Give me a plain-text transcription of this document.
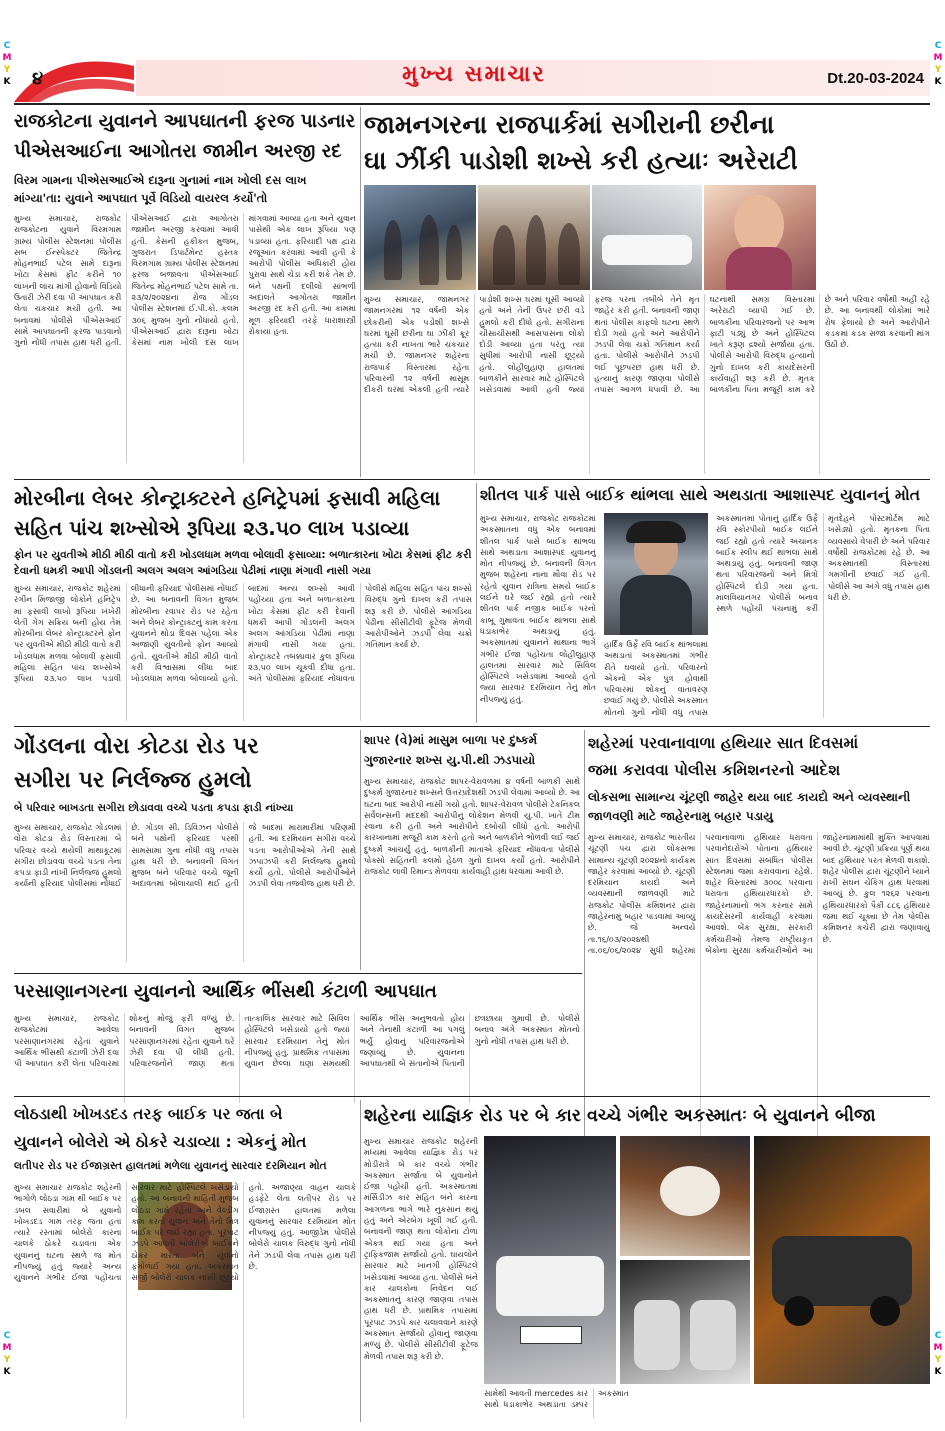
C
M
Y
K
C
M
Y
K
C
M
Y
K
C
M
Y
K
૪	મુખ્ય સમાચાર	Dt.20-03-2024
રાજકોટના યુવાનને આપઘાતની ફરજ પાડનાર
પીએસઆઈના આગોતરા જામીન અરજી રદ
વિરમ ગામના પીએસઆઈએ દારૂના ગુનામાં નામ ખોલી દસ લાખ માંગ્યા'તા: યુવાને આપઘાત પૂર્વે વિડિયો વાયરલ કર્યો'તો
મુખ્ય સમાચાર, રાજકોટ રાજકોટના યુવાને વિરમગામ ગ્રામ્ય પોલીસ સ્ટેશનમાં પોલીસ સબ ઈન્સ્પેક્ટર જિતેન્દ્ર મોહનભાઈ પટેલ સામે દારૂના ખોટા કેસમાં ફીટ કરીને ૧૦ લાખની લાંચ માંગી હોવાનો વિડિયો ઉતારી ઝેરી દવા પી આપઘાત કરી લેતા ચકચાર મચી હતી. આ બનાવમાં પોલીસે પીએસઆઈ સામે આપઘાતની ફરજ પાડવાનો ગુનો નોંધી તપાસ હાથ ધરી હતી. પીએસઆઈ દ્વારા આગોતરા જામીન અરજી કરવામાં આવી હતી. કેસની હકીકત મુજબ, ગુજરાત ડિપાર્ટમેન્ટ હસ્તક વિરમગામ ગ્રામ્ય પોલીસ સ્ટેશનમાં ફરજ બજાવતા પીએસઆઈ જિતેન્દ્ર મોહનભાઈ પટેલ સામે તા. ૨૩/૨/૨૦૨૪ના રોજ ગોંડલ પોલીસ સ્ટેશનમાં ઈ.પી.કો. કલમ ૩૦૬ મુજબ ગુનો નોંધાયો હતો. પીએસઆઈ દ્વારા દારૂના ખોટા કેસમાં નામ ખોલી દસ લાખ માંગવામાં આવ્યા હતા અને યુવાન પાસેથી એક લાખ રૂપિયા પણ પડાવ્યા હતા. ફરિયાદી પક્ષ દ્વારા રજૂઆત કરવામાં આવી હતી કે આરોપી પોલીસ અધિકારી હોય પુરાવા સાથે ચેડા કરી શકે તેમ છે. બંને પક્ષની દલીલો સાંભળી અદાલતે આગોતરા જામીન અરજી રદ કરી હતી. આ કામમાં મૂળ ફરિયાદી તરફે ધારાશાસ્ત્રી રોકાયા હતા.
જામનગરના રાજપાર્કમાં સગીરાની છરીના
ઘા ઝીંકી પાડોશી શખ્સે કરી હત્યાઃ અરેરાટી
મુખ્ય સમાચાર, જામનગર જામનગરમાં ૧૨ વર્ષની એક છોકરીની એક પડોશી શખ્સે ઘરમાં ઘૂસી છરીના ઘા ઝીંકી ક્રૂર હત્યા કરી નાખતા ભારે ચકચાર મચી છે. જામનગર શહેરના રાજપાર્ક વિસ્તારમાં રહેતા પરિવારની ૧૨ વર્ષની માસૂમ દીકરી ઘરમાં એકલી હતી ત્યારે પાડોશી શખ્સ ઘરમાં ઘૂસી આવ્યો હતો અને તેની ઉપર છરી વડે હુમલો કરી દીધો હતો. સગીરાના ચીસાચીસથી આસપાસના લોકો દોડી આવ્યા હતા પરંતુ ત્યાં સુધીમાં આરોપી નાસી છૂટ્યો હતો. લોહીલુહાણ હાલતમાં બાળકીને સારવાર માટે હોસ્પિટલે ખસેડવામાં આવી હતી જ્યાં ફરજ પરના તબીબે તેને મૃત જાહેર કરી હતી. બનાવની જાણ થતાં પોલીસ કાફલો ઘટના સ્થળે દોડી ગયો હતો અને આરોપીને ઝડપી લેવા ચક્રો ગતિમાન કર્યા હતા. પોલીસે આરોપીને ઝડપી લઈ પૂછપરછ હાથ ધરી છે. હત્યાનું કારણ જાણવા પોલીસે તપાસ આગળ ધપાવી છે. આ ઘટનાથી સમગ્ર વિસ્તારમાં અરેરાટી વ્યાપી ગઈ છે. બાળકીના પરિવારજનો પર આભ ફાટી પડ્યું છે અને હોસ્પિટલ ખાતે કરૂણ દ્રશ્યો સર્જાયા હતા. પોલીસે આરોપી વિરુદ્ધ હત્યાનો ગુનો દાખલ કરી કાયદેસરની કાર્યવાહી શરૂ કરી છે. મૃતક બાળકીના પિતા મજૂરી કામ કરે છે અને પરિવાર વર્ષોથી અહીં રહે છે. આ બનાવથી લોકોમાં ભારે રોષ ફેલાયો છે અને આરોપીને કડકમાં કડક સજા કરવાની માંગ ઉઠી છે.
મોરબીના લેબર કોન્ટ્રાક્ટરને હનિટ્રેપમાં ફસાવી મહિલા
સહિત પાંચ શખ્સોએ રૂપિયા ૨૩.૫૦ લાખ પડાવ્યા
ફોન પર યુવતીએ મીઠી મીઠી વાતો કરી ખોડલધામ મળવા બોલાવી ફસાવ્યા: બળાત્કારના ખોટા કેસમાં ફીટ કરી દેવાની ધમકી આપી ગોંડલની અલગ અલગ આંગડિયા પેઢીમાં નાણા મંગાવી નાસી ગયા
મુખ્ય સમાચાર, રાજકોટ શહેરમાં રંગીન મિજાજી લોકોને હનિટ્રેપ માં ફસાવી લાખો રૂપિયા ખંખેરી લેતી ગેંગ સક્રિય બની હોય તેમ મોરબીના લેબર કોન્ટ્રાક્ટરને ફોન પર યુવતીએ મીઠી મીઠી વાતો કરી ખોડલધામ મળવા બોલાવી ફસાવી મહિલા સહિત પાંચ શખ્સોએ રૂપિયા ૨૩.૫૦ લાખ પડાવી લીધાની ફરિયાદ પોલીસમાં નોંધાઈ છે. આ બનાવની વિગત મુજબ મોરબીના રવાપર રોડ પર રહેતા અને લેબર કોન્ટ્રાક્ટનું કામ કરતા યુવાનને થોડા દિવસ પહેલા એક અજાણી યુવતીનો ફોન આવ્યો હતો. યુવતીએ મીઠી મીઠી વાતો કરી વિશ્વાસમાં લીધા બાદ ખોડલધામ મળવા બોલાવ્યો હતો. બાદમાં અન્ય શખ્સો આવી પહોંચ્યા હતા અને બળાત્કારના ખોટા કેસમાં ફીટ કરી દેવાની ધમકી આપી ગોંડલની અલગ અલગ આંગડિયા પેઢીમાં નાણા મંગાવી નાસી ગયા હતા. કોન્ટ્રાક્ટરે તબક્કાવાર કુલ રૂપિયા ૨૩.૫૦ લાખ ચૂકવી દીધા હતા. અંતે પોલીસમાં ફરિયાદ નોંધાવતા પોલીસે મહિલા સહિત પાંચ શખ્સો વિરુદ્ધ ગુનો દાખલ કરી તપાસ શરૂ કરી છે. પોલીસે આંગડિયા પેઢીના સીસીટીવી ફૂટેજ મેળવી આરોપીઓને ઝડપી લેવા ચક્રો ગતિમાન કર્યા છે.
શીતલ પાર્ક પાસે બાઈક થાંભલા સાથે અથડાતા આશાસ્પદ યુવાનનું મોત
મુખ્ય સમાચાર, રાજકોટ રાજકોટમાં અકસ્માતના વધુ એક બનાવમાં શીતલ પાર્ક પાસે બાઈક થાંભલા સાથે અથડાતા આશાસ્પદ યુવાનનું મોત નીપજ્યું છે. બનાવની વિગત મુજબ શહેરના નાના મૌવા રોડ પર રહેતો યુવાન રાત્રિના સમયે બાઈક લઈને ઘરે જઈ રહ્યો હતો ત્યારે શીતલ પાર્ક નજીક બાઈક પરનો કાબૂ ગુમાવતા બાઈક થાંભલા સાથે ધડાકાભેર અથડાયું હતું. અકસ્માતમાં યુવાનને માથાના ભાગે ગંભીર ઈજા પહોંચતા લોહીલુહાણ હાલતમાં સારવાર માટે સિવિલ હોસ્પિટલે ખસેડવામાં આવ્યો હતો જ્યાં સારવાર દરમિયાન તેનું મોત નીપજ્યું હતું.
હાર્દિક ઉર્ફે રવિ બાઈક થાંભલામાં અથડાતાં અકસ્માતમાં ગંભીર રીતે ઘવાયો હતો. પરિવારનો એકનો એક પુત્ર હોવાથી પરિવારમાં શોકનું વાતાવરણ છવાઈ ગયું છે. પોલીસે અકસ્માત મોતનો ગુનો નોંધી વધુ તપાસ
અકસ્માતમાં પોતાનું હાર્દિક ઉર્ફે રવિ સ્કોરપીયો બાઈક લઈને જઈ રહ્યો હતો ત્યારે અચાનક બાઈક સ્લીપ થઈ થાંભલા સાથે અથડાયું હતું. બનાવની જાણ થતા પરિવારજનો અને મિત્રો હોસ્પિટલે દોડી ગયા હતા. માલવિયાનગર પોલીસે બનાવ સ્થળે પહોંચી પંચનામું કરી મૃતદેહને પોસ્ટમોર્ટમ માટે ખસેડ્યો હતો. મૃતકના પિતા વ્યવસાયે વેપારી છે અને પરિવાર વર્ષોથી રાજકોટમાં રહે છે. આ અકસ્માતથી વિસ્તારમાં ગમગીની છવાઈ ગઈ હતી. પોલીસે આ અંગે વધુ તપાસ હાથ ધરી છે.
ગોંડલના વોરા કોટડા રોડ પર
સગીરા પર નિર્લજ્જ હુમલો
બે પરિવાર બાખડતા સગીરા છોડાવવા વચ્ચે પડતા કપડા ફાડી નાંખ્યા
મુખ્ય સમાચાર, રાજકોટ ગોંડલમાં વોરા કોટડા રોડ વિસ્તારમાં બે પરિવાર વચ્ચે થયેલી માથાકૂટમાં સગીરા છોડાવવા વચ્ચે પડતા તેના કપડા ફાડી નાંખી નિર્લજ્જ હુમલો કર્યાની ફરિયાદ પોલીસમાં નોંધાઈ છે. ગોંડલ સી. ડિવિઝન પોલીસે બંને પક્ષોની ફરિયાદ પરથી સામસામા ગુના નોંધી વધુ તપાસ હાથ ધરી છે. બનાવની વિગત મુજબ બંને પરિવાર વચ્ચે જૂની અદાવતમાં બોલાચાલી થઈ હતી જે બાદમાં મારામારીમાં પરિણમી હતી. આ દરમિયાન સગીરા વચ્ચે પડતા આરોપીઓએ તેની સાથે ઝપાઝપી કરી નિર્લજ્જ હુમલો કર્યો હતો. પોલીસે આરોપીઓને ઝડપી લેવા તજવીજ હાથ ધરી છે.
શાપર (વે)માં માસુમ બાળા પર દુષ્કર્મ
ગુજારનાર શખ્સ યુ.પી.થી ઝડપાયો
મુખ્ય સમાચાર, રાજકોટ શાપર-વેરાવળમાં ૪ વર્ષની બાળકી સાથે દુષ્કર્મ ગુજારનાર શખ્સને ઉત્તરપ્રદેશથી ઝડપી લેવામાં આવ્યો છે. આ ઘટના બાદ આરોપી નાસી ગયો હતો. શાપર-વેરાવળ પોલીસે ટેકનિકલ સર્વેલન્સની મદદથી આરોપીનું લોકેશન મેળવી યુ.પી. ખાતે ટીમ રવાના કરી હતી અને આરોપીને દબોચી લીધો હતો. આરોપી કારખાનામાં મજૂરી કામ કરતો હતો અને બાળકીને ભોળવી લઈ જઈ દુષ્કર્મ આચર્યું હતું. બાળકીની માતાએ ફરિયાદ નોંધાવતા પોલીસે પોક્સો સહિતની કલમો હેઠળ ગુનો દાખલ કર્યો હતો. આરોપીને રાજકોટ લાવી રિમાન્ડ મેળવવા કાર્યવાહી હાથ ધરવામાં આવી છે.
શહેરમાં પરવાનાવાળા હથિયાર સાત દિવસમાં
જમા કરાવવા પોલીસ કમિશનરનો આદેશ
લોકસભા સામાન્ય ચૂંટણી જાહેર થયા બાદ કાયદો અને વ્યવસ્થાની જાળવણી માટે જાહેરનામુ બહાર પડાયુ
મુખ્ય સમાચાર, રાજકોટ ભારતીય ચૂંટણી પંચ દ્વારા લોકસભા સામાન્ય ચૂંટણી ૨૦૨૪નો કાર્યક્રમ જાહેર કરવામાં આવ્યો છે. ચૂંટણી દરમિયાન કાયદો અને વ્યવસ્થાની જાળવણી માટે રાજકોટ પોલીસ કમિશનર દ્વારા જાહેરનામું બહાર પાડવામાં આવ્યું છે. જે અન્વયે તા.૧૬/૦૩/૨૦૨૪થી તા.૦૬/૦૬/૨૦૨૪ સુધી શહેરમાં પરવાનાવાળા હથિયાર ધરાવતા પરવાનેદારોએ પોતાના હથિયાર સાત દિવસમાં સંબંધિત પોલીસ સ્ટેશનમાં જમા કરાવવાના રહેશે. શહેર વિસ્તારમાં ૩૦૦૮ પરવાના ધરાવતા હથિયારધારકો છે. જાહેરનામાનો ભંગ કરનાર સામે કાયદેસરની કાર્યવાહી કરવામાં આવશે. બેંક સુરક્ષા, સરકારી કર્મચારીઓ તેમજ રાષ્ટ્રીયકૃત બેંકોના સુરક્ષા કર્મચારીઓને આ જાહેરનામામાંથી મુક્તિ આપવામાં આવી છે. ચૂંટણી પ્રક્રિયા પૂર્ણ થયા બાદ હથિયાર પરત મેળવી શકાશે. શહેર પોલીસ દ્વારા ચૂંટણીને ધ્યાને રાખી સઘન ચેકિંગ હાથ ધરવામાં આવ્યું છે. કુલ ૧૨૬૨ પરવાના હથિયારધારકો પૈકી ૮૮૬ હથિયાર જમા થઈ ચૂક્યા છે તેમ પોલીસ કમિશનર કચેરી દ્વારા જણાવાયું છે.
પરસાણાનગરના યુવાનનો આર્થિક ભીંસથી કંટાળી આપઘાત
મુખ્ય સમાચાર, રાજકોટ રાજકોટમાં આવેલા પરસાણાનગરમાં રહેતા યુવાને આર્થિક ભીંસથી કંટાળી ઝેરી દવા પી આપઘાત કરી લેતા પરિવારમાં શોકનું મોજું ફરી વળ્યું છે. બનાવની વિગત મુજબ પરસાણાનગરમાં રહેતા યુવાને ઘરે ઝેરી દવા પી લીધી હતી. પરિવારજનોને જાણ થતા તાત્કાલિક સારવાર માટે સિવિલ હોસ્પિટલે ખસેડાયો હતો જ્યાં સારવાર દરમિયાન તેનું મોત નીપજ્યું હતું. પ્રાથમિક તપાસમાં યુવાન છેલ્લા ઘણા સમયથી આર્થિક ભીંસ અનુભવતો હોય અને તેનાથી કંટાળી આ પગલું ભર્યું હોવાનું પરિવારજનોએ જણાવ્યું છે. યુવાનના આપઘાતથી બે સંતાનોએ પિતાની છત્રછાયા ગુમાવી છે. પોલીસે બનાવ અંગે અકસ્માત મોતનો ગુનો નોંધી તપાસ હાથ ધરી છે.
લોઠડાથી ખોખડદડ તરફ બાઈક પર જતા બે
યુવાનને બોલેરો એ ઠોકરે ચડાવ્યા : એકનું મોત
લતીપર રોડ પર ઈજાગ્રસ્ત હાલતમાં મળેલા યુવાનનું સારવાર દરમિયાન મોત
મુખ્ય સમાચાર રાજકોટ શહેરની ભાગોળે લોઠડા ગામ થી બાઈક પર ડબલ સવારીમાં બે યુવાનો ખોખડદડ ગામ તરફ જતા હતા ત્યારે રસ્તામાં બોલેરો કારના ચાલકે ઠોકરે ચડાવતા એક યુવાનનું ઘટના સ્થળે જ મોત નીપજ્યું હતું જ્યારે અન્ય યુવાનને ગંભીર ઈજા પહોંચતા સારવાર માટે હોસ્પિટલે ખસેડાયો હતો. આ બનાવની માહિતી મુજબ લોઠડા ગામે રહેતા અને વેલ્ડીંગ કામ કરતો યુવાન અને તેનો મિત્ર બાઈક પર જઈ રહ્યા હતા. પૂરપાટ ઝડપે આવતી બોલેરોએ બાઈકને ઠોકર મારતા બંને યુવાનો ફંગોળાઈ ગયા હતા. અકસ્માત સર્જી બોલેરો ચાલક નાસી છૂટ્યો હતો. અજાણ્યા વાહન ચાલકે હડફેટે લેતા લતીપર રોડ પર ઈજાગ્રસ્ત હાલતમાં મળેલા યુવાનનું સારવાર દરમિયાન મોત નીપજ્યું હતું. આજીડેમ પોલીસે બોલેરો ચાલક વિરુદ્ધ ગુનો નોંધી તેને ઝડપી લેવા તપાસ હાથ ધરી છે.
શહેરના યાજ્ઞિક રોડ પર બે કાર વચ્ચે ગંભીર અકસ્માતઃ બે યુવાનને બીજા
મુખ્ય સમાચાર રાજકોટ શહેરની મધ્યમાં આવેલા યાજ્ઞિક રોડ પર મોડીરાત્રે બે કાર વચ્ચે ગંભીર અકસ્માત સર્જાતા બે યુવાનોને ઈજા પહોંચી હતી. અકસ્માતમાં મર્સિડીઝ કાર સહિત બંને કારના આગળના ભાગે ભારે નુકસાન થયું હતું અને એરબેગ ખૂલી ગઈ હતી. બનાવની જાણ થતા લોકોના ટોળા એકત્ર થઈ ગયા હતા અને ટ્રાફિકજામ સર્જાયો હતો. ઘાયલોને સારવાર માટે ખાનગી હોસ્પિટલે ખસેડવામાં આવ્યા હતા. પોલીસે બંને કાર ચાલકોના નિવેદન લઈ અકસ્માતનું કારણ જાણવા તપાસ હાથ ધરી છે. પ્રાથમિક તપાસમાં પૂરપાટ ઝડપે કાર ચલાવવાને કારણે અકસ્માત સર્જાયો હોવાનું જાણવા મળ્યું છે. પોલીસે સીસીટીવી ફૂટેજ મેળવી તપાસ શરૂ કરી છે.
સામેથી આવતી mercedes કાર સાથે ધડાકાભેર અથડાતા ડમ્પર અકસ્માત
